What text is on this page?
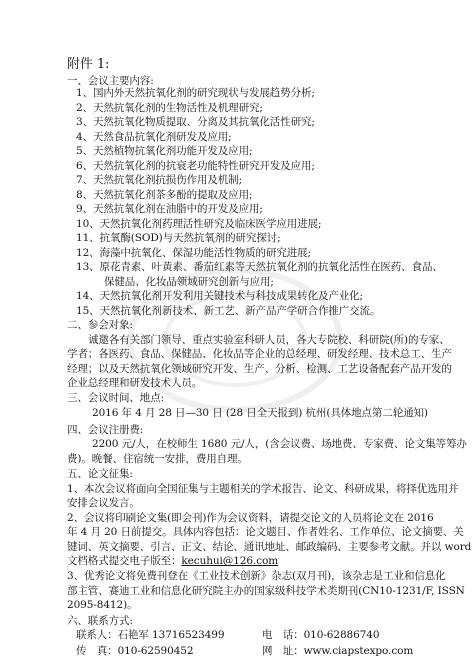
附件 1:
一、会议主要内容:
1、国内外天然抗氧化剂的研究现状与发展趋势分析;
2、天然抗氧化剂的生物活性及机理研究;
3、天然抗氧化物质提取、分离及其抗氧化活性研究;
4、天然食品抗氧化剂研发及应用;
5、天然植物抗氧化剂功能开发及应用;
6、天然抗氧化剂的抗衰老功能特性研究开发及应用;
7、天然抗氧化剂抗损伤作用及机制;
8、天然抗氧化剂茶多酚的提取及应用;
9、天然抗氧化剂在油脂中的开发及应用;
10、天然抗氧化剂药理活性研究及临床医学应用进展;
11、抗氧酶(SOD)与天然抗氧剂的研究探讨;
12、海藻中抗氧化、保湿功能活性物质的研究进展;
13、原花青素、叶黄素、番茄红素等天然抗氧化剂的抗氧化活性在医药、食品、
保健品、化妆品领域研究创新与应用;
14、天然抗氧化剂开发利用关键技术与科技成果转化及产业化;
15、天然抗氧化剂新技术、新工艺、新产品产学研合作推广交流。
二、参会对象:
诚邀各有关部门领导、重点实验室科研人员，各大专院校、科研院(所)的专家、
学者；各医药、食品、保健品、化妆品等企业的总经理、研发经理、技术总工、生产
经理；以及天然抗氧化领域研究开发、生产、分析、检测、工艺设备配套产品开发的
企业总经理和研发技术人员。
三、会议时间、地点:
2016 年 4 月 28 日—30 日 (28 日全天报到) 杭州(具体地点第二轮通知)
四、会议注册费:
2200 元/人，在校师生 1680 元/人，(含会议费、场地费、专家费、论文集等筹办
费)。晚餐、住宿统一安排，费用自理。
五、论文征集:
1、本次会议将面向全国征集与主题相关的学术报告、论文、科研成果，将择优选用并
安排会议发言。
2、会议将印刷论文集(即会刊)作为会议资料，请提交论文的人员将论文在 2016
年 4 月 20 日前提交。具体内容包括：论文题目、作者姓名、工作单位、论文摘要、关
键词、英文摘要、引言、正文、结论、通讯地址、邮政编码、主要参考文献。并以 word
文档格式提交电子版至：kecuhui@126.com
3、优秀论文将免费刊登在《工业技术创新》杂志(双月刊)，该杂志是工业和信息化
部主管、赛迪工业和信息化研究院主办的国家级科技学术类期刊(CN10-1231/F, ISSN
2095-8412)。
六、联系方式:
联系人：石艳军 13716523499	电　话：010-62886740
传　真：010-62590452	网　址：www.ciapstexpo.com
